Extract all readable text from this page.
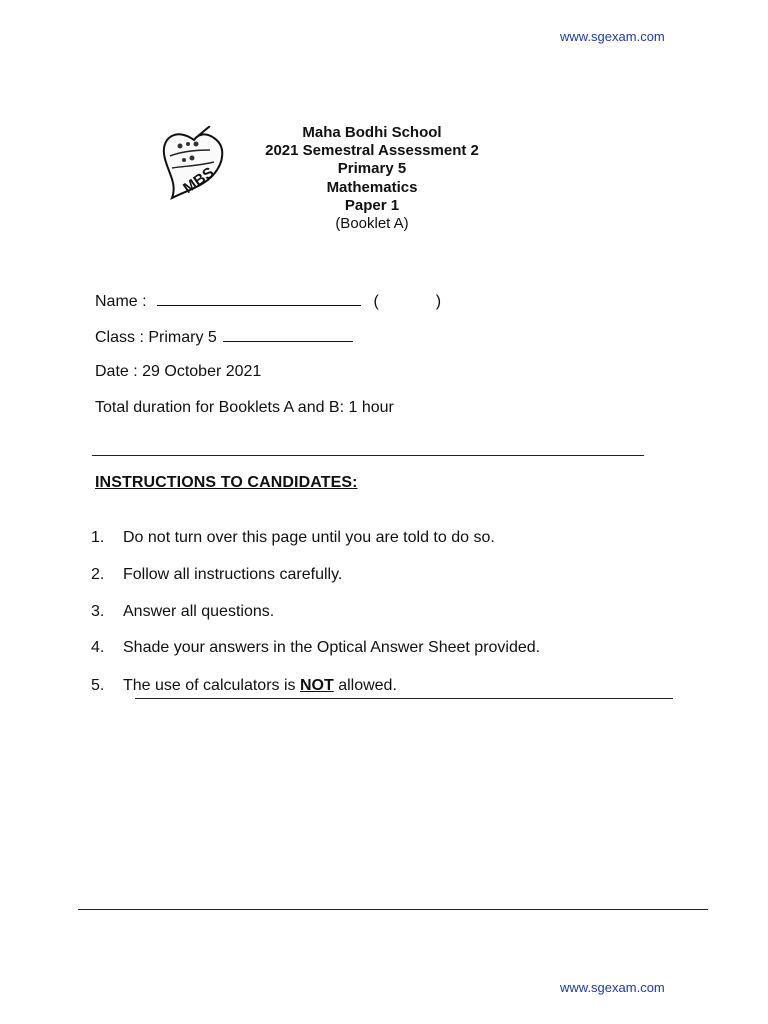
www.sgexam.com
MBS
Maha Bodhi School
2021 Semestral Assessment 2
Primary 5
Mathematics
Paper 1
(Booklet A)
Name :	(	)
Class : Primary 5
Date : 29 October 2021
Total duration for Booklets A and B: 1 hour
INSTRUCTIONS TO CANDIDATES:
1. Do not turn over this page until you are told to do so.
2. Follow all instructions carefully.
3. Answer all questions.
4. Shade your answers in the Optical Answer Sheet provided.
5. The use of calculators is NOT allowed.
www.sgexam.com
